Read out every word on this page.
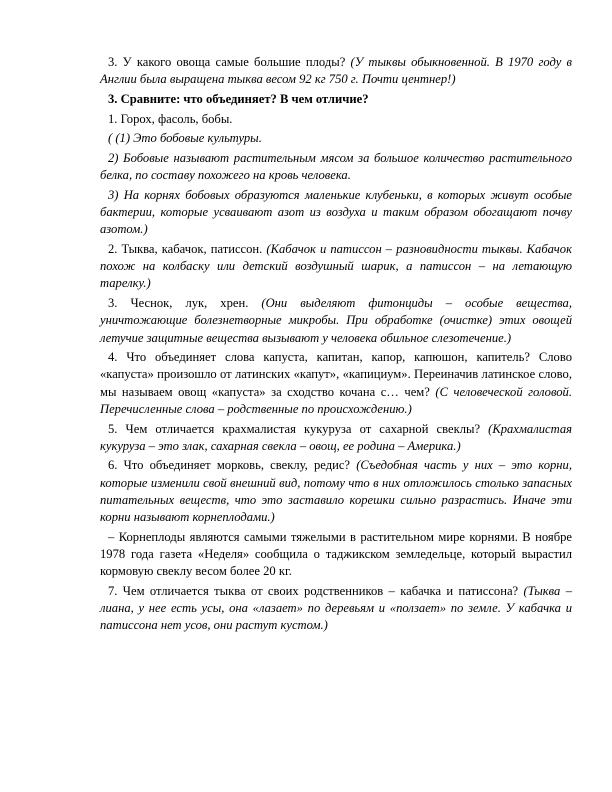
3. У какого овоща самые большие плоды? (У тыквы обыкновенной. В 1970 году в Англии была выращена тыква весом 92 кг 750 г. Почти центнер!)

3. Сравните: что объединяет? В чем отличие?

1. Горох, фасоль, бобы.

( (1) Это бобовые культуры.

2) Бобовые называют растительным мясом за большое количество растительного белка, по составу похожего на кровь человека.

3) На корнях бобовых образуются маленькие клубеньки, в которых живут особые бактерии, которые усваивают азот из воздуха и таким образом обогащают почву азотом.)

2. Тыква, кабачок, патиссон. (Кабачок и патиссон – разновидности тыквы. Кабачок похож на колбаску или детский воздушный шарик, а патиссон – на летающую тарелку.)

3. Чеснок, лук, хрен. (Они выделяют фитонциды – особые вещества, уничтожающие болезнетворные микробы. При обработке (очистке) этих овощей летучие защитные вещества вызывают у человека обильное слезотечение.)

4. Что объединяет слова капуста, капитан, капор, капюшон, капитель? Слово «капуста» произошло от латинских «капут», «капициум». Переиначив латинское слово, мы называем овощ «капуста» за сходство кочана с… чем? (С человеческой головой. Перечисленные слова – родственные по происхождению.)

5. Чем отличается крахмалистая кукуруза от сахарной свеклы? (Крахмалистая кукуруза – это злак, сахарная свекла – овощ, ее родина – Америка.)

6. Что объединяет морковь, свеклу, редис? (Съедобная часть у них – это корни, которые изменили свой внешний вид, потому что в них отложилось столько запасных питательных веществ, что это заставило корешки сильно разрастись. Иначе эти корни называют корнеплодами.)

– Корнеплоды являются самыми тяжелыми в растительном мире корнями. В ноябре 1978 года газета «Неделя» сообщила о таджикском земледельце, который вырастил кормовую свеклу весом более 20 кг.

7. Чем отличается тыква от своих родственников – кабачка и патиссона? (Тыква – лиана, у нее есть усы, она «лазает» по деревьям и «ползает» по земле. У кабачка и патиссона нет усов, они растут кустом.)
